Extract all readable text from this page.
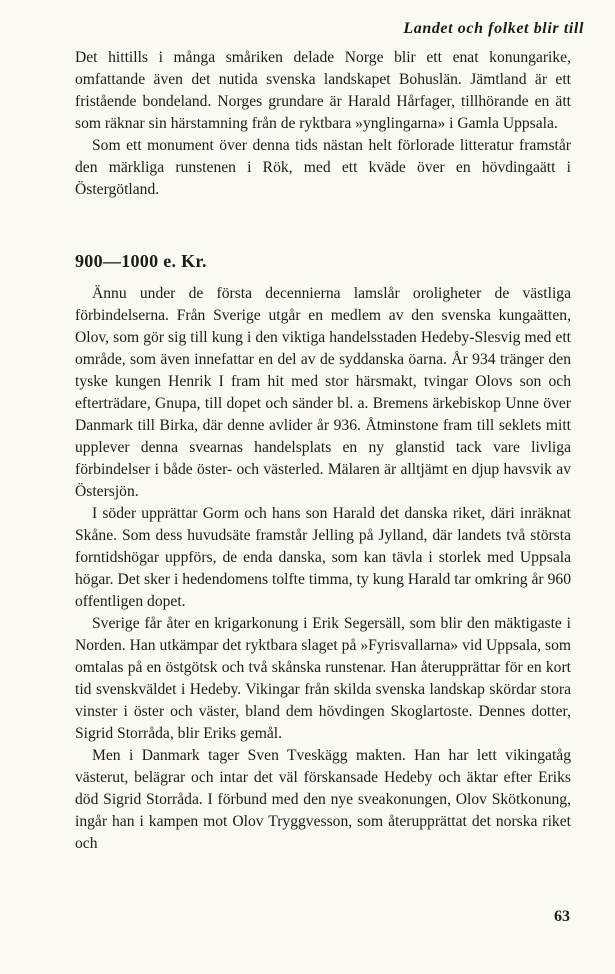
Landet och folket blir till

Det hittills i många småriken delade Norge blir ett enat konungarike, omfattande även det nutida svenska landskapet Bohuslän. Jämtland är ett fristående bondeland. Norges grundare är Harald Hårfager, tillhörande en ätt som räknar sin härstamning från de ryktbara »ynglingarna» i Gamla Uppsala.

Som ett monument över denna tids nästan helt förlorade litteratur framstår den märkliga runstenen i Rök, med ett kväde över en hövdingaätt i Östergötland.

900—1000 e. Kr.

Ännu under de första decennierna lamslår oroligheter de västliga förbindelserna. Från Sverige utgår en medlem av den svenska kungaätten, Olov, som gör sig till kung i den viktiga handelsstaden Hedeby-Slesvig med ett område, som även innefattar en del av de syddanska öarna. År 934 tränger den tyske kungen Henrik I fram hit med stor härsmakt, tvingar Olovs son och efterträdare, Gnupa, till dopet och sänder bl. a. Bremens ärkebiskop Unne över Danmark till Birka, där denne avlider år 936. Åtminstone fram till seklets mitt upplever denna svearnas handelsplats en ny glanstid tack vare livliga förbindelser i både öster- och västerled. Mälaren är alltjämt en djup havsvik av Östersjön.

I söder upprättar Gorm och hans son Harald det danska riket, däri inräknat Skåne. Som dess huvudsäte framstår Jelling på Jylland, där landets två största forntidshögar uppförs, de enda danska, som kan tävla i storlek med Uppsala högar. Det sker i hedendomens tolfte timma, ty kung Harald tar omkring år 960 offentligen dopet.

Sverige får åter en krigarkonung i Erik Segersäll, som blir den mäktigaste i Norden. Han utkämpar det ryktbara slaget på »Fyrisvallarna» vid Uppsala, som omtalas på en östgötsk och två skånska runstenar. Han återupprättar för en kort tid svenskväldet i Hedeby. Vikingar från skilda svenska landskap skördar stora vinster i öster och väster, bland dem hövdingen Skoglartoste. Dennes dotter, Sigrid Storråda, blir Eriks gemål.

Men i Danmark tager Sven Tveskägg makten. Han har lett vikingatåg västerut, belägrar och intar det väl förskansade Hedeby och äktar efter Eriks död Sigrid Storråda. I förbund med den nye sveakonungen, Olov Skötkonung, ingår han i kampen mot Olov Tryggvesson, som återupprättat det norska riket och

63
